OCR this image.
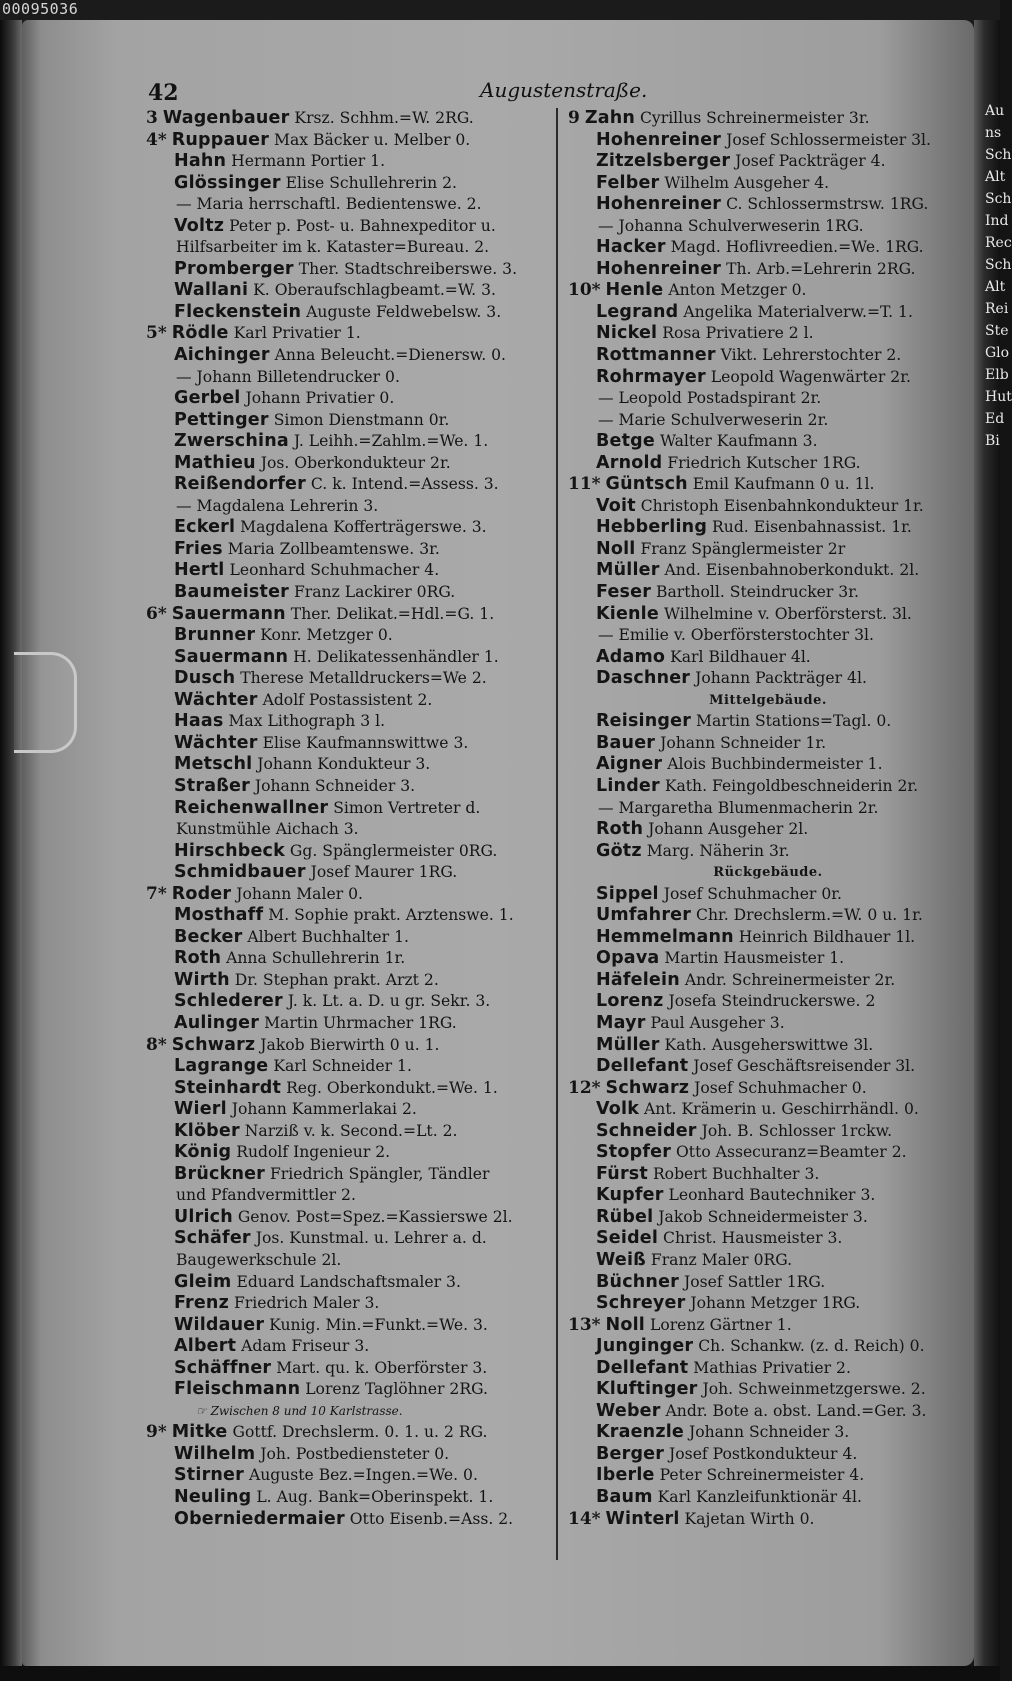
00095036
Au ns Sch Alt Sch Ind Rec Sch Alt Rei Ste Glo Elb Hut Ed Bi
42	Augustenstraße.
3 Wagenbauer Krsz. Schhm.=W. 2RG.
4* Ruppauer Max Bäcker u. Melber 0.
Hahn Hermann Portier 1.
Glössinger Elise Schullehrerin 2.
— Maria herrschaftl. Bedientenswe. 2.
Voltz Peter p. Post- u. Bahnexpeditor u.
Hilfsarbeiter im k. Kataster=Bureau. 2.
Promberger Ther. Stadtschreiberswe. 3.
Wallani K. Oberaufschlagbeamt.=W. 3.
Fleckenstein Auguste Feldwebelsw. 3.
5* Rödle Karl Privatier 1.
Aichinger Anna Beleucht.=Dienersw. 0.
— Johann Billetendrucker 0.
Gerbel Johann Privatier 0.
Pettinger Simon Dienstmann 0r.
Zwerschina J. Leihh.=Zahlm.=We. 1.
Mathieu Jos. Oberkondukteur 2r.
Reißendorfer C. k. Intend.=Assess. 3.
— Magdalena Lehrerin 3.
Eckerl Magdalena Kofferträgerswe. 3.
Fries Maria Zollbeamtenswe. 3r.
Hertl Leonhard Schuhmacher 4.
Baumeister Franz Lackirer 0RG.
6* Sauermann Ther. Delikat.=Hdl.=G. 1.
Brunner Konr. Metzger 0.
Sauermann H. Delikatessenhändler 1.
Dusch Therese Metalldruckers=We 2.
Wächter Adolf Postassistent 2.
Haas Max Lithograph 3 l.
Wächter Elise Kaufmannswittwe 3.
Metschl Johann Kondukteur 3.
Straßer Johann Schneider 3.
Reichenwallner Simon Vertreter d.
Kunstmühle Aichach 3.
Hirschbeck Gg. Spänglermeister 0RG.
Schmidbauer Josef Maurer 1RG.
7* Roder Johann Maler 0.
Mosthaff M. Sophie prakt. Arztenswe. 1.
Becker Albert Buchhalter 1.
Roth Anna Schullehrerin 1r.
Wirth Dr. Stephan prakt. Arzt 2.
Schlederer J. k. Lt. a. D. u gr. Sekr. 3.
Aulinger Martin Uhrmacher 1RG.
8* Schwarz Jakob Bierwirth 0 u. 1.
Lagrange Karl Schneider 1.
Steinhardt Reg. Oberkondukt.=We. 1.
Wierl Johann Kammerlakai 2.
Klöber Narziß v. k. Second.=Lt. 2.
König Rudolf Ingenieur 2.
Brückner Friedrich Spängler, Tändler
und Pfandvermittler 2.
Ulrich Genov. Post=Spez.=Kassierswe 2l.
Schäfer Jos. Kunstmal. u. Lehrer a. d.
Baugewerkschule 2l.
Gleim Eduard Landschaftsmaler 3.
Frenz Friedrich Maler 3.
Wildauer Kunig. Min.=Funkt.=We. 3.
Albert Adam Friseur 3.
Schäffner Mart. qu. k. Oberförster 3.
Fleischmann Lorenz Taglöhner 2RG.
☞ Zwischen 8 und 10 Karlstrasse.
9* Mitke Gottf. Drechslerm. 0. 1. u. 2 RG.
Wilhelm Joh. Postbediensteter 0.
Stirner Auguste Bez.=Ingen.=We. 0.
Neuling L. Aug. Bank=Oberinspekt. 1.
Oberniedermaier Otto Eisenb.=Ass. 2.
9 Zahn Cyrillus Schreinermeister 3r.
Hohenreiner Josef Schlossermeister 3l.
Zitzelsberger Josef Packträger 4.
Felber Wilhelm Ausgeher 4.
Hohenreiner C. Schlossermstrsw. 1RG.
— Johanna Schulverweserin 1RG.
Hacker Magd. Hoflivreedien.=We. 1RG.
Hohenreiner Th. Arb.=Lehrerin 2RG.
10* Henle Anton Metzger 0.
Legrand Angelika Materialverw.=T. 1.
Nickel Rosa Privatiere 2 l.
Rottmanner Vikt. Lehrerstochter 2.
Rohrmayer Leopold Wagenwärter 2r.
— Leopold Postadspirant 2r.
— Marie Schulverweserin 2r.
Betge Walter Kaufmann 3.
Arnold Friedrich Kutscher 1RG.
11* Güntsch Emil Kaufmann 0 u. 1l.
Voit Christoph Eisenbahnkondukteur 1r.
Hebberling Rud. Eisenbahnassist. 1r.
Noll Franz Spänglermeister 2r
Müller And. Eisenbahnoberkondukt. 2l.
Feser Bartholl. Steindrucker 3r.
Kienle Wilhelmine v. Oberförsterst. 3l.
— Emilie v. Oberförsterstochter 3l.
Adamo Karl Bildhauer 4l.
Daschner Johann Packträger 4l.
Mittelgebäude.
Reisinger Martin Stations=Tagl. 0.
Bauer Johann Schneider 1r.
Aigner Alois Buchbindermeister 1.
Linder Kath. Feingoldbeschneiderin 2r.
— Margaretha Blumenmacherin 2r.
Roth Johann Ausgeher 2l.
Götz Marg. Näherin 3r.
Rückgebäude.
Sippel Josef Schuhmacher 0r.
Umfahrer Chr. Drechslerm.=W. 0 u. 1r.
Hemmelmann Heinrich Bildhauer 1l.
Opava Martin Hausmeister 1.
Häfelein Andr. Schreinermeister 2r.
Lorenz Josefa Steindruckerswe. 2
Mayr Paul Ausgeher 3.
Müller Kath. Ausgeherswittwe 3l.
Dellefant Josef Geschäftsreisender 3l.
12* Schwarz Josef Schuhmacher 0.
Volk Ant. Krämerin u. Geschirrhändl. 0.
Schneider Joh. B. Schlosser 1rckw.
Stopfer Otto Assecuranz=Beamter 2.
Fürst Robert Buchhalter 3.
Kupfer Leonhard Bautechniker 3.
Rübel Jakob Schneidermeister 3.
Seidel Christ. Hausmeister 3.
Weiß Franz Maler 0RG.
Büchner Josef Sattler 1RG.
Schreyer Johann Metzger 1RG.
13* Noll Lorenz Gärtner 1.
Junginger Ch. Schankw. (z. d. Reich) 0.
Dellefant Mathias Privatier 2.
Kluftinger Joh. Schweinmetzgerswe. 2.
Weber Andr. Bote a. obst. Land.=Ger. 3.
Kraenzle Johann Schneider 3.
Berger Josef Postkondukteur 4.
Iberle Peter Schreinermeister 4.
Baum Karl Kanzleifunktionär 4l.
14* Winterl Kajetan Wirth 0.
